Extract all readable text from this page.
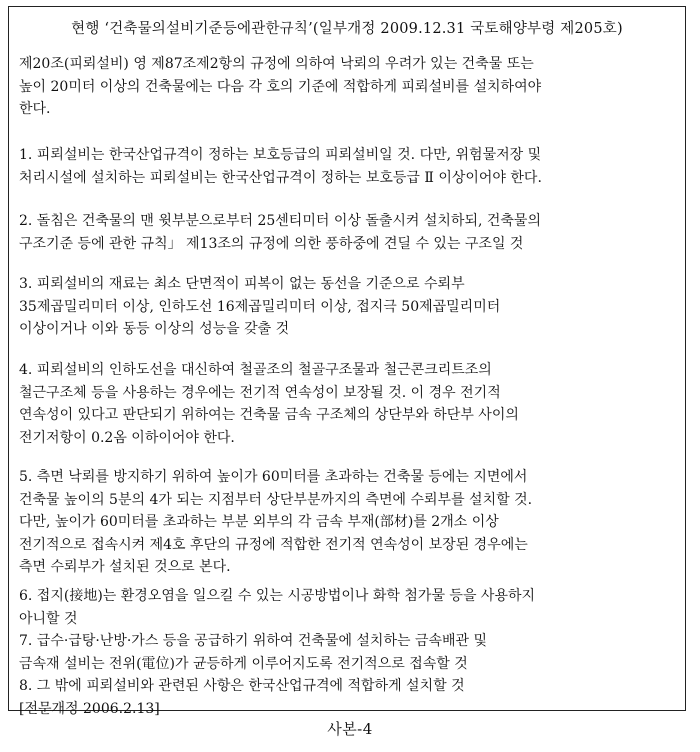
현행 ‘건축물의설비기준등에관한규칙’(일부개정 2009.12.31 국토해양부령 제205호)
제20조(피뢰설비) 영 제87조제2항의 규정에 의하여 낙뢰의 우려가 있는 건축물 또는
높이 20미터 이상의 건축물에는 다음 각 호의 기준에 적합하게 피뢰설비를 설치하여야
한다.
1. 피뢰설비는 한국산업규격이 정하는 보호등급의 피뢰설비일 것. 다만, 위험물저장 및
처리시설에 설치하는 피뢰설비는 한국산업규격이 정하는 보호등급 Ⅱ 이상이어야 한다.
2. 돌침은 건축물의 맨 윗부분으로부터 25센티미터 이상 돌출시켜 설치하되, 건축물의
구조기준 등에 관한 규칙」 제13조의 규정에 의한 풍하중에 견딜 수 있는 구조일 것
3. 피뢰설비의 재료는 최소 단면적이 피복이 없는 동선을 기준으로 수뢰부
35제곱밀리미터 이상, 인하도선 16제곱밀리미터 이상, 접지극 50제곱밀리미터
이상이거나 이와 동등 이상의 성능을 갖출 것
4. 피뢰설비의 인하도선을 대신하여 철골조의 철골구조물과 철근콘크리트조의
철근구조체 등을 사용하는 경우에는 전기적 연속성이 보장될 것. 이 경우 전기적
연속성이 있다고 판단되기 위하여는 건축물 금속 구조체의 상단부와 하단부 사이의
전기저항이 0.2옴 이하이어야 한다.
5. 측면 낙뢰를 방지하기 위하여 높이가 60미터를 초과하는 건축물 등에는 지면에서
건축물 높이의 5분의 4가 되는 지점부터 상단부분까지의 측면에 수뢰부를 설치할 것.
다만, 높이가 60미터를 초과하는 부분 외부의 각 금속 부재(部材)를 2개소 이상
전기적으로 접속시켜 제4호 후단의 규정에 적합한 전기적 연속성이 보장된 경우에는
측면 수뢰부가 설치된 것으로 본다.
6. 접지(接地)는 환경오염을 일으킬 수 있는 시공방법이나 화학 첨가물 등을 사용하지
아니할 것
7. 급수·급탕·난방·가스 등을 공급하기 위하여 건축물에 설치하는 금속배관 및
금속재 설비는 전위(電位)가 균등하게 이루어지도록 전기적으로 접속할 것
8. 그 밖에 피뢰설비와 관련된 사항은 한국산업규격에 적합하게 설치할 것
[전문개정 2006.2.13]
사본-4
